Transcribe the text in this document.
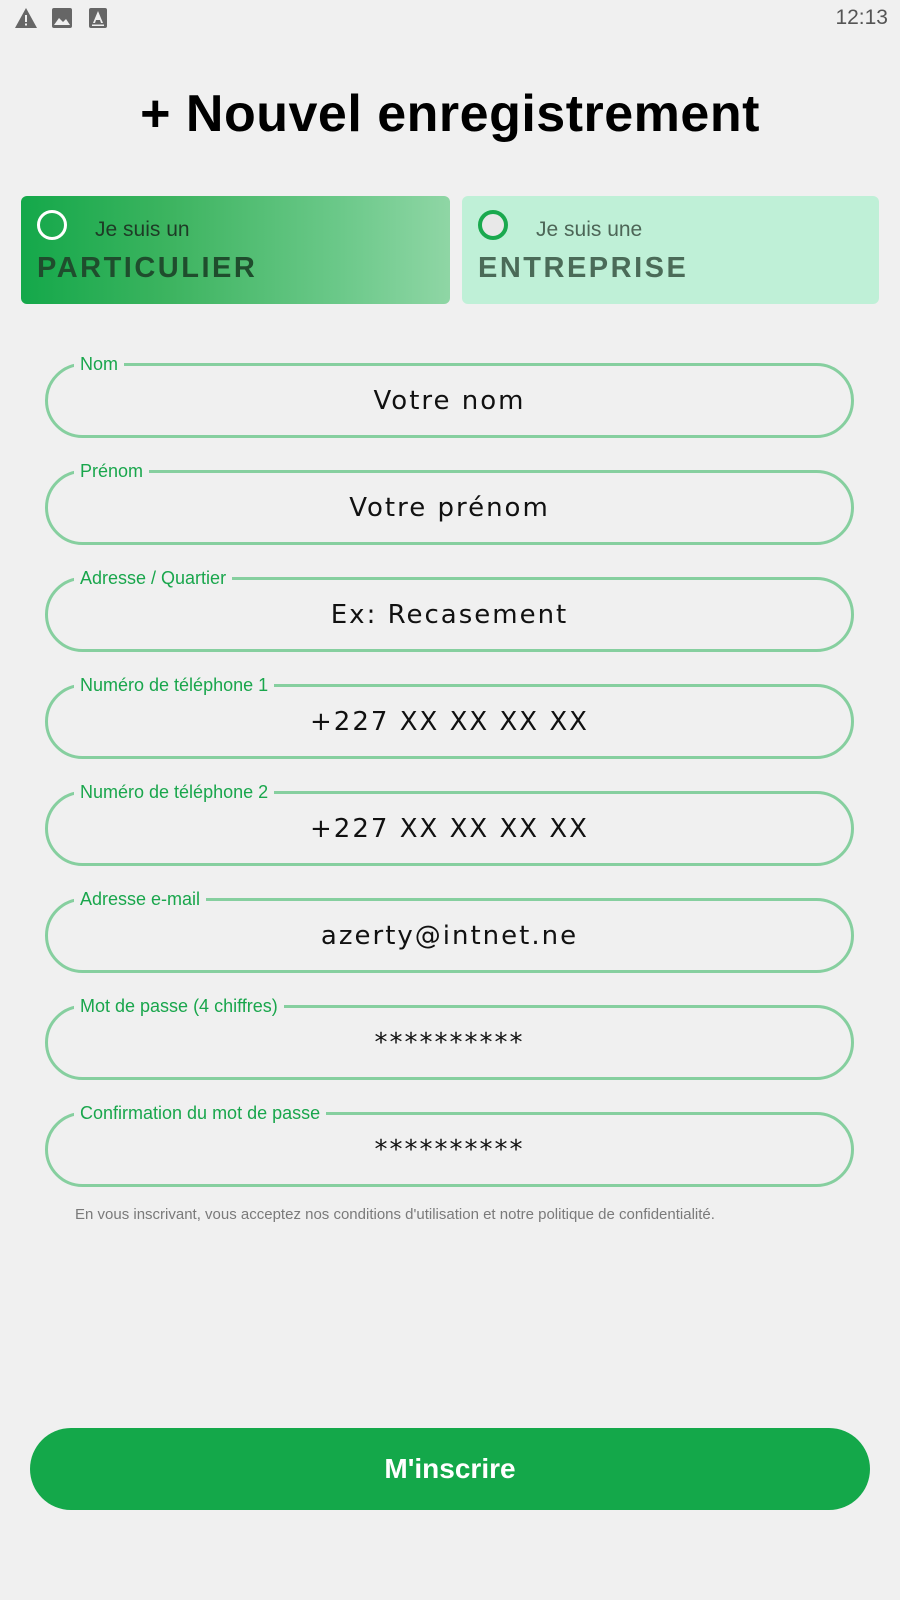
12:13
+ Nouvel enregistrement
Je suis un
PARTICULIER
Je suis une
ENTREPRISE
Nom
Votre nom
Prénom
Votre prénom
Adresse / Quartier
Ex: Recasement
Numéro de téléphone 1
+227 XX XX XX XX
Numéro de téléphone 2
+227 XX XX XX XX
Adresse e-mail
azerty@intnet.ne
Mot de passe (4 chiffres)
**********
Confirmation du mot de passe
**********
En vous inscrivant, vous acceptez nos conditions d'utilisation et notre politique de confidentialité.
M'inscrire
